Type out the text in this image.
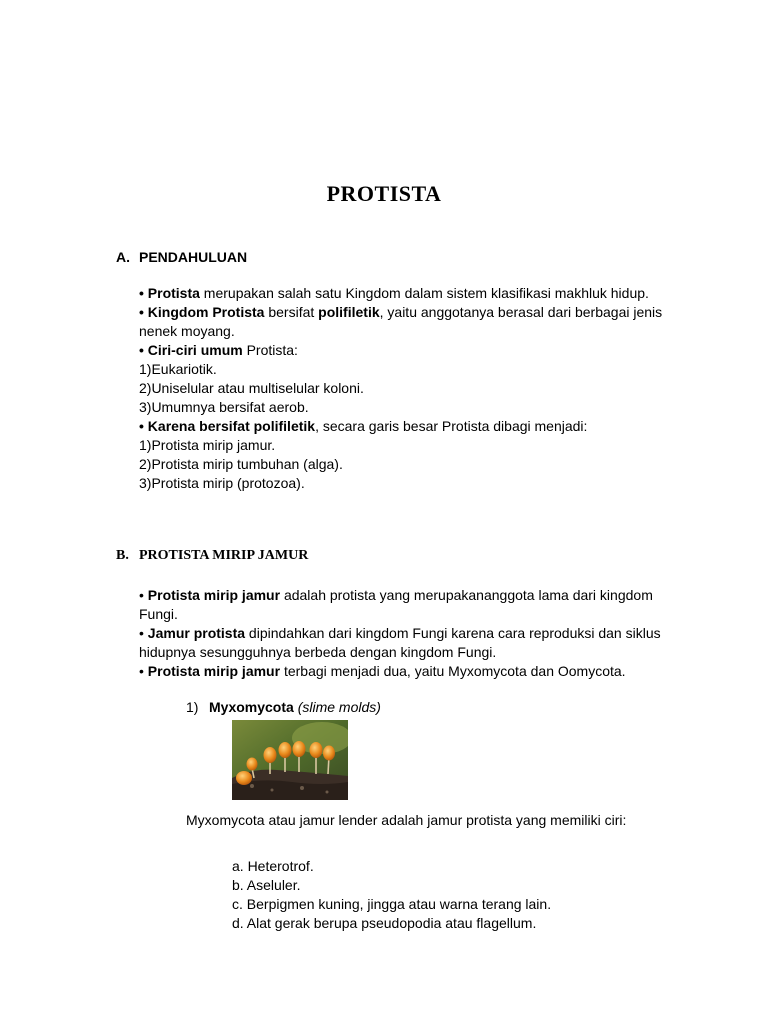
PROTISTA
A. PENDAHULUAN

• Protista merupakan salah satu Kingdom dalam sistem klasifikasi makhluk hidup.

• Kingdom Protista bersifat polifiletik, yaitu anggotanya berasal dari berbagai jenis nenek moyang.

• Ciri-ciri umum Protista:

1)Eukariotik.

2)Uniselular atau multiselular koloni.

3)Umumnya bersifat aerob.

• Karena bersifat polifiletik, secara garis besar Protista dibagi menjadi:

1)Protista mirip jamur.

2)Protista mirip tumbuhan (alga).

3)Protista mirip (protozoa).

B. PROTISTA MIRIP JAMUR

• Protista mirip jamur adalah protista yang merupakananggota lama dari kingdom Fungi.

• Jamur protista dipindahkan dari kingdom Fungi karena cara reproduksi dan siklus hidupnya sesungguhnya berbeda dengan kingdom Fungi.

• Protista mirip jamur terbagi menjadi dua, yaitu Myxomycota dan Oomycota.

1) Myxomycota (slime molds)
Myxomycota atau jamur lender adalah jamur protista yang memiliki ciri:
a. Heterotrof.
b. Aseluler.
c. Berpigmen kuning, jingga atau warna terang lain.
d. Alat gerak berupa pseudopodia atau flagellum.
